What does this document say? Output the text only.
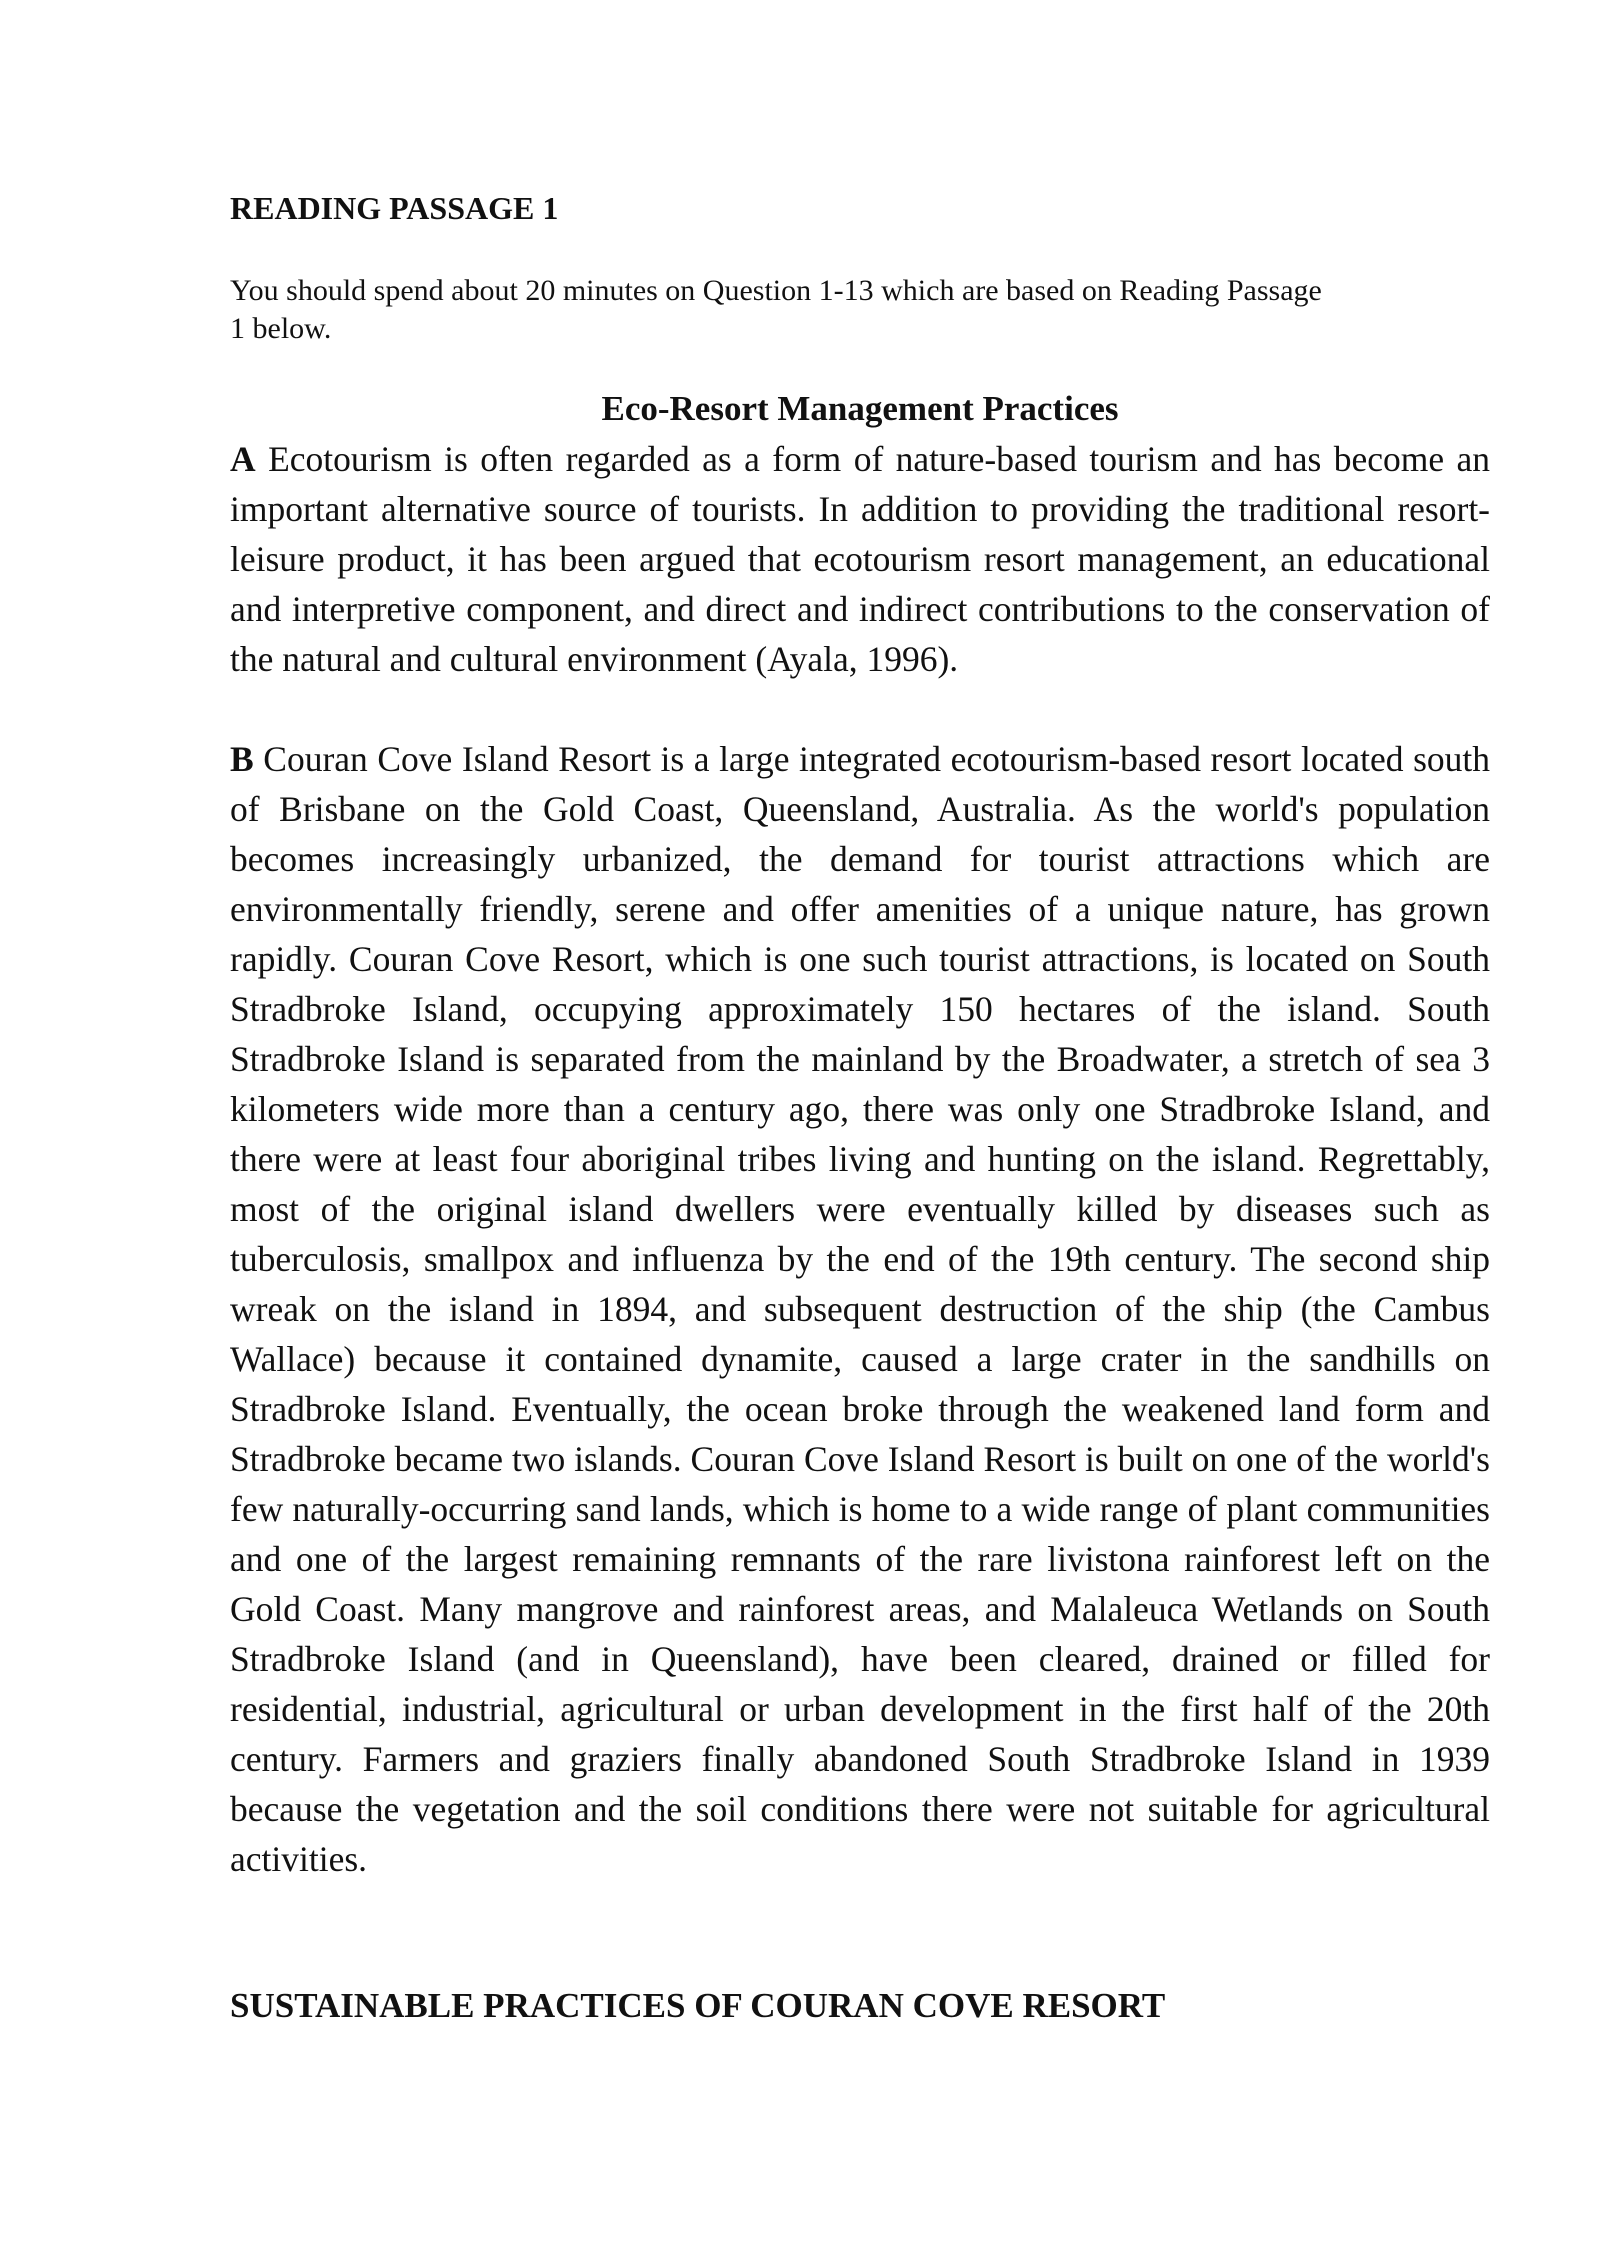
READING PASSAGE 1

You should spend about 20 minutes on Question 1-13 which are based on Reading Passage 1 below.

Eco-Resort Management Practices

A Ecotourism is often regarded as a form of nature-based tourism and has become an important alternative source of tourists. In addition to providing the traditional resort-leisure product, it has been argued that ecotourism resort management, an educational and interpretive component, and direct and indirect contributions to the conservation of the natural and cultural environment (Ayala, 1996).

B Couran Cove Island Resort is a large integrated ecotourism-based resort located south of Brisbane on the Gold Coast, Queensland, Australia. As the world's population becomes increasingly urbanized, the demand for tourist attractions which are environmentally friendly, serene and offer amenities of a unique nature, has grown rapidly. Couran Cove Resort, which is one such tourist attractions, is located on South Stradbroke Island, occupying approximately 150 hectares of the island. South Stradbroke Island is separated from the mainland by the Broadwater, a stretch of sea 3 kilometers wide more than a century ago, there was only one Stradbroke Island, and there were at least four aboriginal tribes living and hunting on the island. Regrettably, most of the original island dwellers were eventually killed by diseases such as tuberculosis, smallpox and influenza by the end of the 19th century. The second ship wreak on the island in 1894, and subsequent destruction of the ship (the Cambus Wallace) because it contained dynamite, caused a large crater in the sandhills on Stradbroke Island. Eventually, the ocean broke through the weakened land form and Stradbroke became two islands. Couran Cove Island Resort is built on one of the world's few naturally-occurring sand lands, which is home to a wide range of plant communities and one of the largest remaining remnants of the rare livistona rainforest left on the Gold Coast. Many mangrove and rainforest areas, and Malaleuca Wetlands on South Stradbroke Island (and in Queensland), have been cleared, drained or filled for residential, industrial, agricultural or urban development in the first half of the 20th century. Farmers and graziers finally abandoned South Stradbroke Island in 1939 because the vegetation and the soil conditions there were not suitable for agricultural activities.

SUSTAINABLE PRACTICES OF COURAN COVE RESORT
